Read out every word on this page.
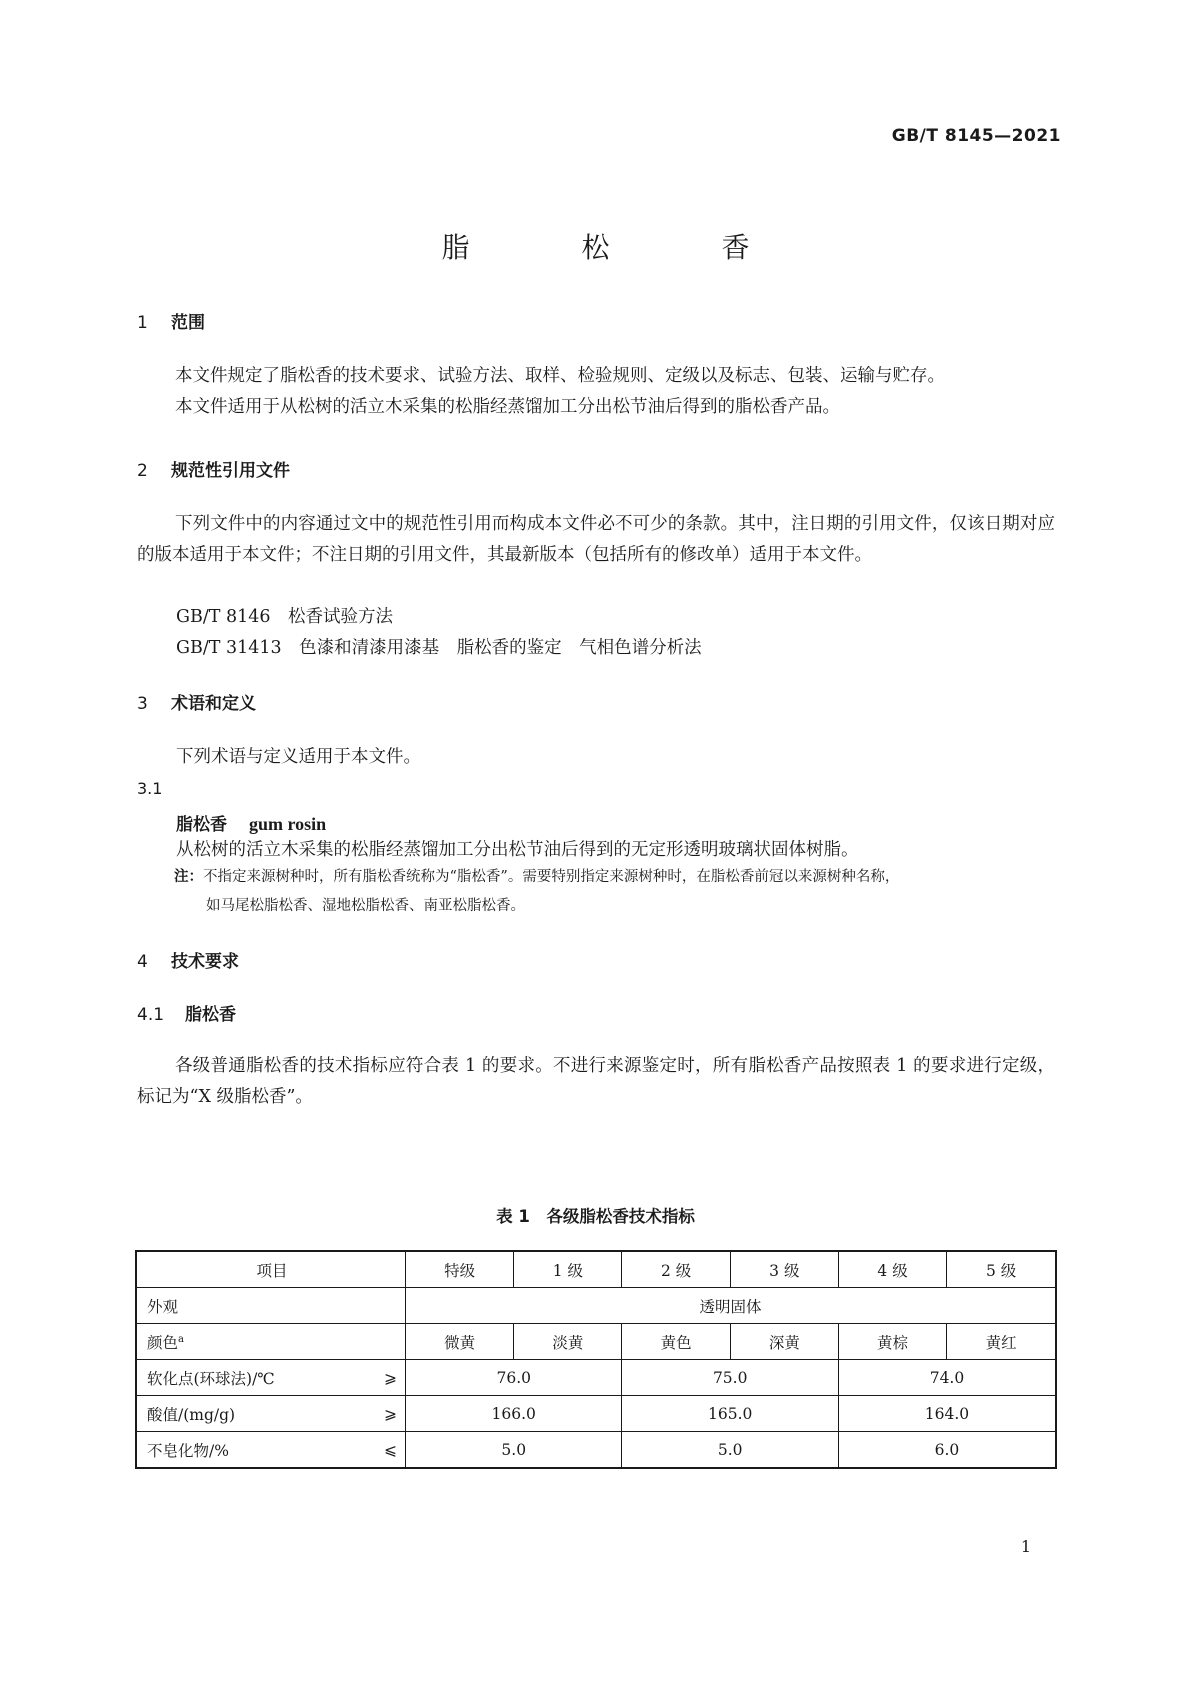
GB/T 8145—2021
脂　松　香
1 范围
本文件规定了脂松香的技术要求、试验方法、取样、检验规则、定级以及标志、包装、运输与贮存。
本文件适用于从松树的活立木采集的松脂经蒸馏加工分出松节油后得到的脂松香产品。
2 规范性引用文件
下列文件中的内容通过文中的规范性引用而构成本文件必不可少的条款。其中，注日期的引用文件，仅该日期对应的版本适用于本文件；不注日期的引用文件，其最新版本（包括所有的修改单）适用于本文件。
GB/T 8146　松香试验方法
GB/T 31413　色漆和清漆用漆基　脂松香的鉴定　气相色谱分析法
3 术语和定义
下列术语与定义适用于本文件。
3.1
脂松香 gum rosin
从松树的活立木采集的松脂经蒸馏加工分出松节油后得到的无定形透明玻璃状固体树脂。
注：不指定来源树种时，所有脂松香统称为“脂松香”。需要特别指定来源树种时，在脂松香前冠以来源树种名称，
如马尾松脂松香、湿地松脂松香、南亚松脂松香。
4 技术要求
4.1 脂松香
各级普通脂松香的技术指标应符合表 1 的要求。不进行来源鉴定时，所有脂松香产品按照表 1 的要求进行定级，标记为“X 级脂松香”。
表 1　各级脂松香技术指标
项目	特级	1 级	2 级	3 级	4 级	5 级
外观	透明固体					
颜色$^a$	微黄	淡黄	黄色	深黄	黄棕	黄红

软化点(环球法)/℃ ⩾	76.0		75.0		74.0	

酸值/(mg/g) ⩾	166.0		165.0		164.0	

不皂化物/% ⩽	5.0		5.0		6.0	
1
